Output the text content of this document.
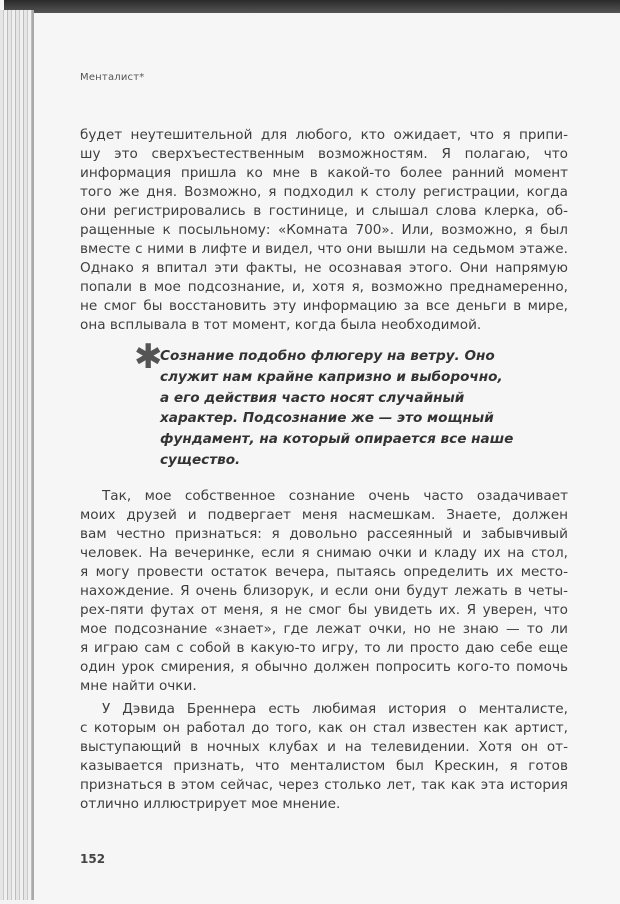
Менталист*
будет неутешительной для любого, кто ожидает, что я припи-
шу это сверхъестественным возможностям. Я полагаю, что
информация пришла ко мне в какой-то более ранний момент
того же дня. Возможно, я подходил к столу регистрации, когда
они регистрировались в гостинице, и слышал слова клерка, об-
ращенные к посыльному: «Комната 700». Или, возможно, я был
вместе с ними в лифте и видел, что они вышли на седьмом этаже.
Однако я впитал эти факты, не осознавая этого. Они напрямую
попали в мое подсознание, и, хотя я, возможно преднамеренно,
не смог бы восстановить эту информацию за все деньги в мире,
она всплывала в тот момент, когда была необходимой.
✱
Сознание подобно флюгеру на ветру. Оно
служит нам крайне капризно и выборочно,
а его действия часто носят случайный
характер. Подсознание же — это мощный
фундамент, на который опирается все наше
существо.
Так, мое собственное сознание очень часто озадачивает
моих друзей и подвергает меня насмешкам. Знаете, должен
вам честно признаться: я довольно рассеянный и забывчивый
человек. На вечеринке, если я снимаю очки и кладу их на стол,
я могу провести остаток вечера, пытаясь определить их место-
нахождение. Я очень близорук, и если они будут лежать в четы-
рех-пяти футах от меня, я не смог бы увидеть их. Я уверен, что
мое подсознание «знает», где лежат очки, но не знаю — то ли
я играю сам с собой в какую-то игру, то ли просто даю себе еще
один урок смирения, я обычно должен попросить кого-то помочь
мне найти очки.
У Дэвида Бреннера есть любимая история о менталисте,
с которым он работал до того, как он стал известен как артист,
выступающий в ночных клубах и на телевидении. Хотя он от-
казывается признать, что менталистом был Крескин, я готов
признаться в этом сейчас, через столько лет, так как эта история
отлично иллюстрирует мое мнение.
152
